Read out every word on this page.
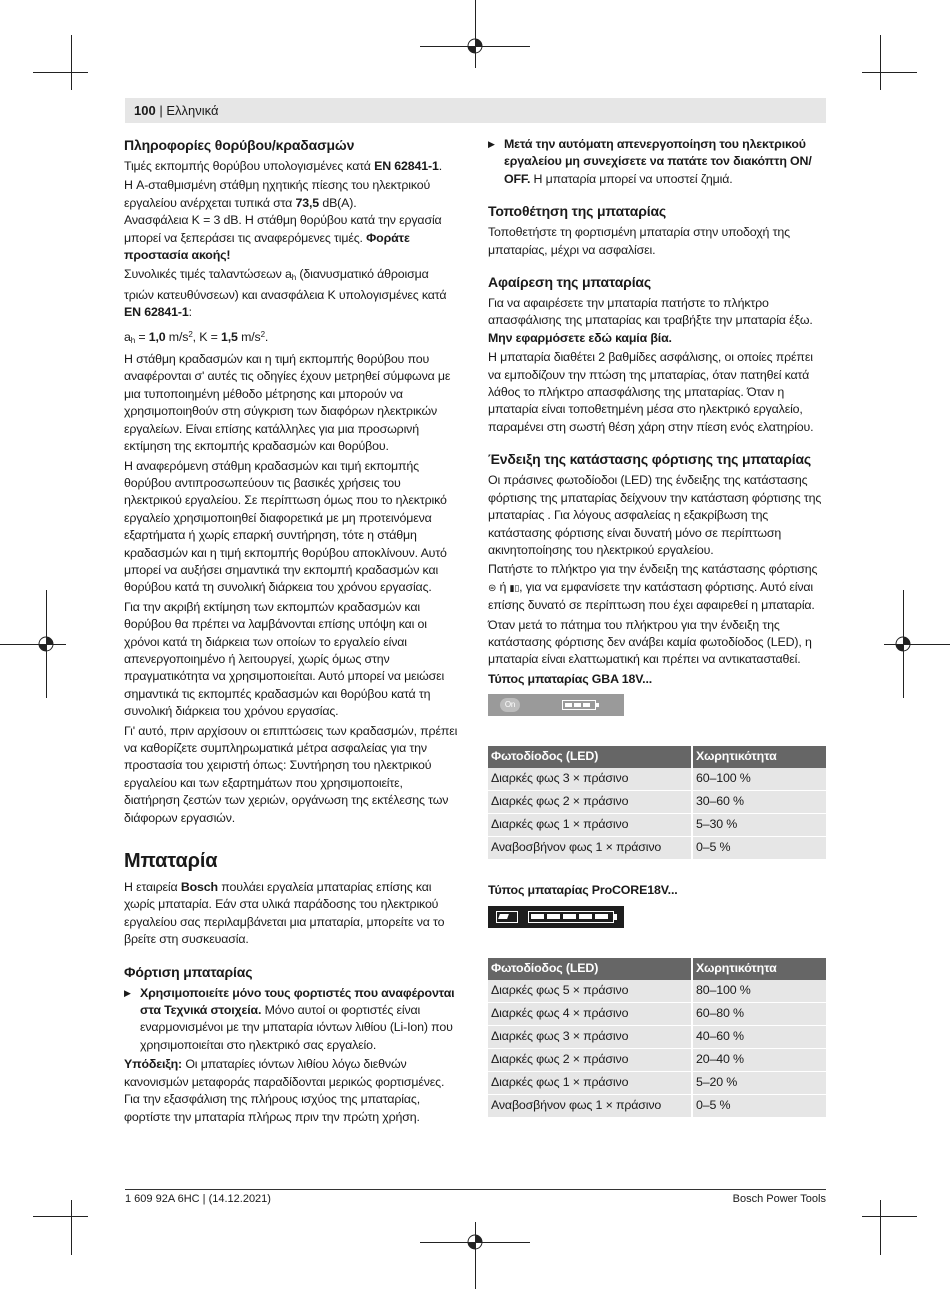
100 | Ελληνικά
Πληροφορίες θορύβου/κραδασμών

Τιμές εκπομπής θορύβου υπολογισμένες κατά EN 62841-1.

Η A-σταθμισμένη στάθμη ηχητικής πίεσης του ηλεκτρικού εργαλείου ανέρχεται τυπικά στα 73,5 dB(A).

Ανασφάλεια K = 3 dB. Η στάθμη θορύβου κατά την εργασία μπορεί να ξεπεράσει τις αναφερόμενες τιμές. Φοράτε προστασία ακοής!

Συνολικές τιμές ταλαντώσεων $a_h$ (διανυσματικό άθροισμα τριών κατευθύνσεων) και ανασφάλεια K υπολογισμένες κατά EN 62841-1:

$a_h = 1,0$ $m/s^2$, K = 1,5 $m/s^2$.

Η στάθμη κραδασμών και η τιμή εκπομπής θορύβου που αναφέρονται σ' αυτές τις οδηγίες έχουν μετρηθεί σύμφωνα με μια τυποποιημένη μέθοδο μέτρησης και μπορούν να χρησιμοποιηθούν στη σύγκριση των διαφόρων ηλεκτρικών εργαλείων. Είναι επίσης κατάλληλες για μια προσωρινή εκτίμηση της εκπομπής κραδασμών και θορύβου.

Η αναφερόμενη στάθμη κραδασμών και τιμή εκπομπής θορύβου αντιπροσωπεύουν τις βασικές χρήσεις του ηλεκτρικού εργαλείου. Σε περίπτωση όμως που το ηλεκτρικό εργαλείο χρησιμοποιηθεί διαφορετικά με μη προτεινόμενα εξαρτήματα ή χωρίς επαρκή συντήρηση, τότε η στάθμη κραδασμών και η τιμή εκπομπής θορύβου αποκλίνουν. Αυτό μπορεί να αυξήσει σημαντικά την εκπομπή κραδασμών και θορύβου κατά τη συνολική διάρκεια του χρόνου εργασίας.

Για την ακριβή εκτίμηση των εκπομπών κραδασμών και θορύβου θα πρέπει να λαμβάνονται επίσης υπόψη και οι χρόνοι κατά τη διάρκεια των οποίων το εργαλείο είναι απενεργοποιημένο ή λειτουργεί, χωρίς όμως στην πραγματικότητα να χρησιμοποιείται. Αυτό μπορεί να μειώσει σημαντικά τις εκπομπές κραδασμών και θορύβου κατά τη συνολική διάρκεια του χρόνου εργασίας.

Γι' αυτό, πριν αρχίσουν οι επιπτώσεις των κραδασμών, πρέπει να καθορίζετε συμπληρωματικά μέτρα ασφαλείας για την προστασία του χειριστή όπως: Συντήρηση του ηλεκτρικού εργαλείου και των εξαρτημάτων που χρησιμοποιείτε, διατήρηση ζεστών των χεριών, οργάνωση της εκτέλεσης των διάφορων εργασιών.

Μπαταρία

Η εταιρεία Bosch πουλάει εργαλεία μπαταρίας επίσης και χωρίς μπαταρία. Εάν στα υλικά παράδοσης του ηλεκτρικού εργαλείου σας περιλαμβάνεται μια μπαταρία, μπορείτε να το βρείτε στη συσκευασία.

Φόρτιση μπαταρίας

▶ Χρησιμοποιείτε μόνο τους φορτιστές που αναφέρονται στα Τεχνικά στοιχεία. Μόνο αυτοί οι φορτιστές είναι εναρμονισμένοι με την μπαταρία ιόντων λιθίου (Li-Ion) που χρησιμοποιείται στο ηλεκτρικό σας εργαλείο.

Υπόδειξη: Οι μπαταρίες ιόντων λιθίου λόγω διεθνών κανονισμών μεταφοράς παραδίδονται μερικώς φορτισμένες. Για την εξασφάλιση της πλήρους ισχύος της μπαταρίας, φορτίστε την μπαταρία πλήρως πριν την πρώτη χρήση.

▶ Μετά την αυτόματη απενεργοποίηση του ηλεκτρικού εργαλείου μη συνεχίσετε να πατάτε τον διακόπτη ON/ OFF. Η μπαταρία μπορεί να υποστεί ζημιά.

Τοποθέτηση της μπαταρίας

Τοποθετήστε τη φορτισμένη μπαταρία στην υποδοχή της μπαταρίας, μέχρι να ασφαλίσει.

Αφαίρεση της μπαταρίας

Για να αφαιρέσετε την μπαταρία πατήστε το πλήκτρο απασφάλισης της μπαταρίας και τραβήξτε την μπαταρία έξω.

Μην εφαρμόσετε εδώ καμία βία.

Η μπαταρία διαθέτει 2 βαθμίδες ασφάλισης, οι οποίες πρέπει να εμποδίζουν την πτώση της μπαταρίας, όταν πατηθεί κατά λάθος το πλήκτρο απασφάλισης της μπαταρίας. Όταν η μπαταρία είναι τοποθετημένη μέσα στο ηλεκτρικό εργαλείο, παραμένει στη σωστή θέση χάρη στην πίεση ενός ελατηρίου.

Ένδειξη της κατάστασης φόρτισης της μπαταρίας

Οι πράσινες φωτοδίοδοι (LED) της ένδειξης της κατάστασης φόρτισης της μπαταρίας δείχνουν την κατάσταση φόρτισης της μπαταρίας . Για λόγους ασφαλείας η εξακρίβωση της κατάστασης φόρτισης είναι δυνατή μόνο σε περίπτωση ακινητοποίησης του ηλεκτρικού εργαλείου.

Πατήστε το πλήκτρο για την ένδειξη της κατάστασης φόρτισης ⊜ ή ▮▯, για να εμφανίσετε την κατάσταση φόρτισης. Αυτό είναι επίσης δυνατό σε περίπτωση που έχει αφαιρεθεί η μπαταρία.

Όταν μετά το πάτημα του πλήκτρου για την ένδειξη της κατάστασης φόρτισης δεν ανάβει καμία φωτοδίοδος (LED), η μπαταρία είναι ελαττωματική και πρέπει να αντικατασταθεί.

Τύπος μπαταρίας GBA 18V...

On
Φωτοδίοδος (LED)	Χωρητικότητα
Διαρκές φως 3 × πράσινο	60–100 %
Διαρκές φως 2 × πράσινο	30–60 %
Διαρκές φως 1 × πράσινο	5–30 %
Αναβοσβήνον φως 1 × πράσινο	0–5 %

Τύπος μπαταρίας ProCORE18V...

Φωτοδίοδος (LED)	Χωρητικότητα
Διαρκές φως 5 × πράσινο	80–100 %
Διαρκές φως 4 × πράσινο	60–80 %
Διαρκές φως 3 × πράσινο	40–60 %
Διαρκές φως 2 × πράσινο	20–40 %
Διαρκές φως 1 × πράσινο	5–20 %
Αναβοσβήνον φως 1 × πράσινο	0–5 %
1 609 92A 6HC | (14.12.2021)	Bosch Power Tools
